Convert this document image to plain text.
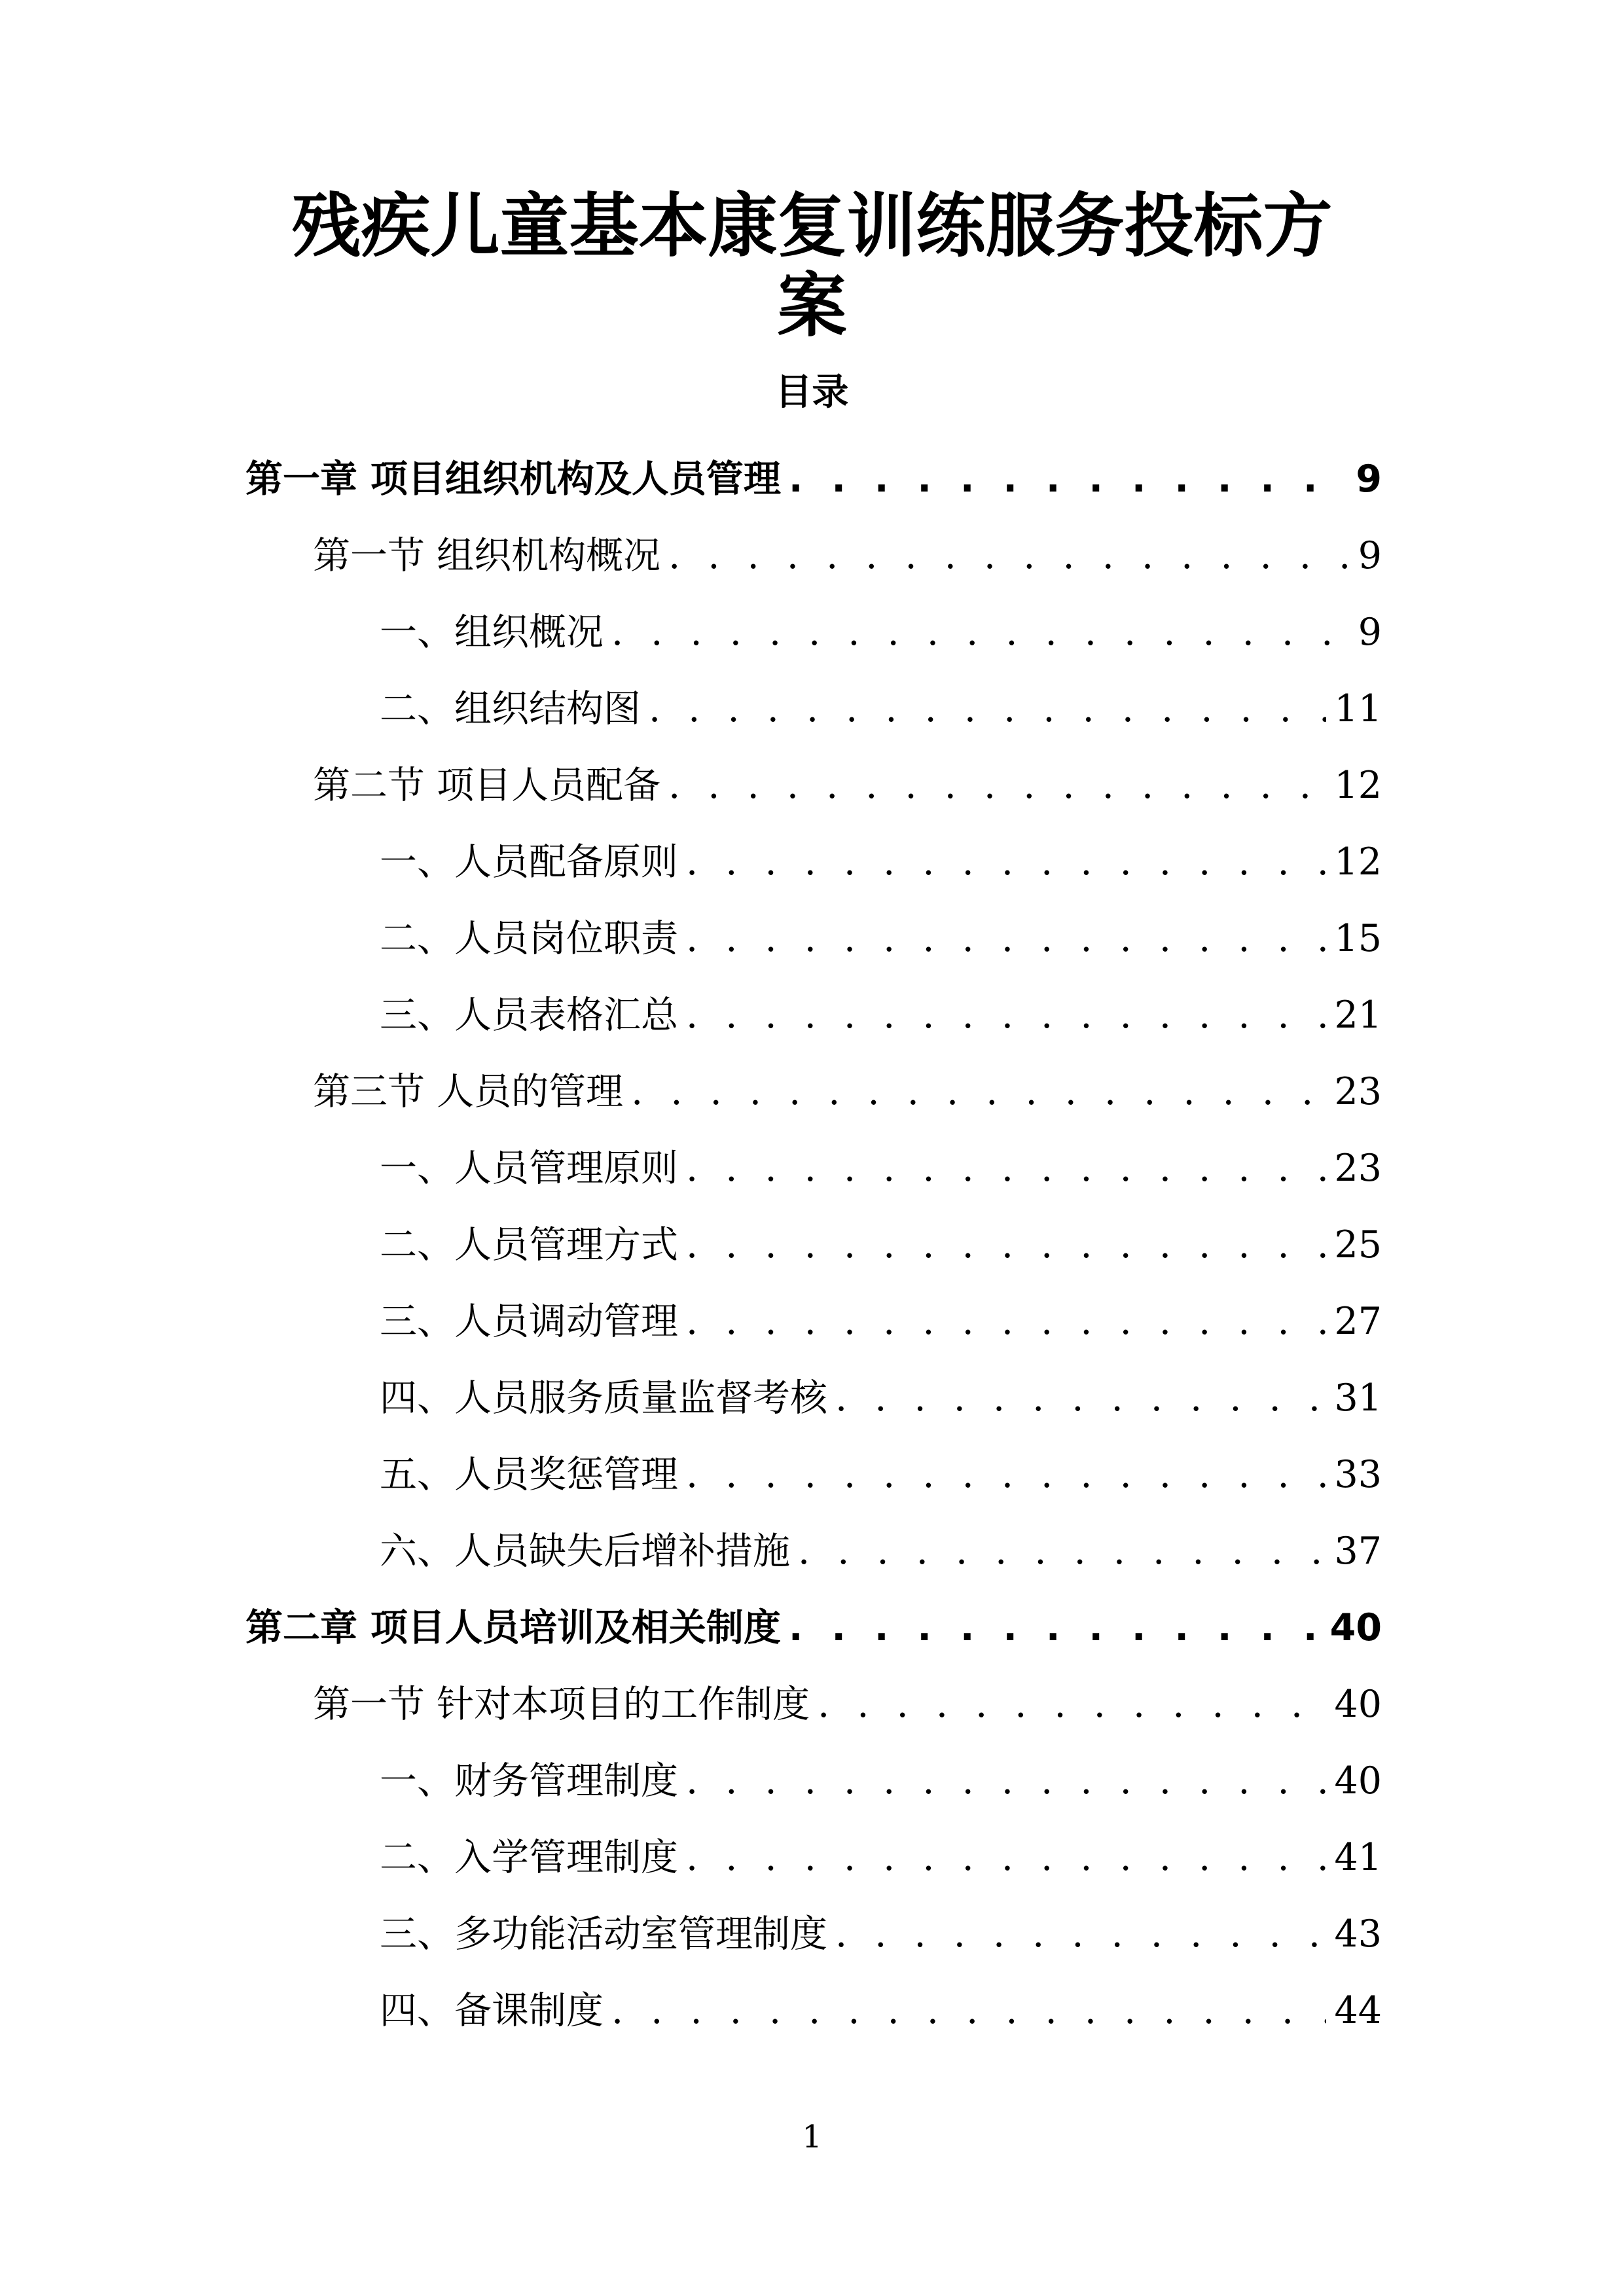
残疾儿童基本康复训练服务投标方
案
目录
第一章 项目组织机构及人员管理 . . .	9
第一节 组织机构概况 . . .	9
一、组织概况 . . .	9
二、组织结构图 . . .	11
第二节 项目人员配备 . . .	12
一、人员配备原则 . . .	12
二、人员岗位职责 . . .	15
三、人员表格汇总 . . .	21
第三节 人员的管理 . . .	23
一、人员管理原则 . . .	23
二、人员管理方式 . . .	25
三、人员调动管理 . . .	27
四、人员服务质量监督考核 . . .	31
五、人员奖惩管理 . . .	33
六、人员缺失后增补措施 . . .	37
第二章 项目人员培训及相关制度 . . .	40
第一节 针对本项目的工作制度 . . .	40
一、财务管理制度 . . .	40
二、入学管理制度 . . .	41
三、多功能活动室管理制度 . . .	43
四、备课制度 . . .	44
1
